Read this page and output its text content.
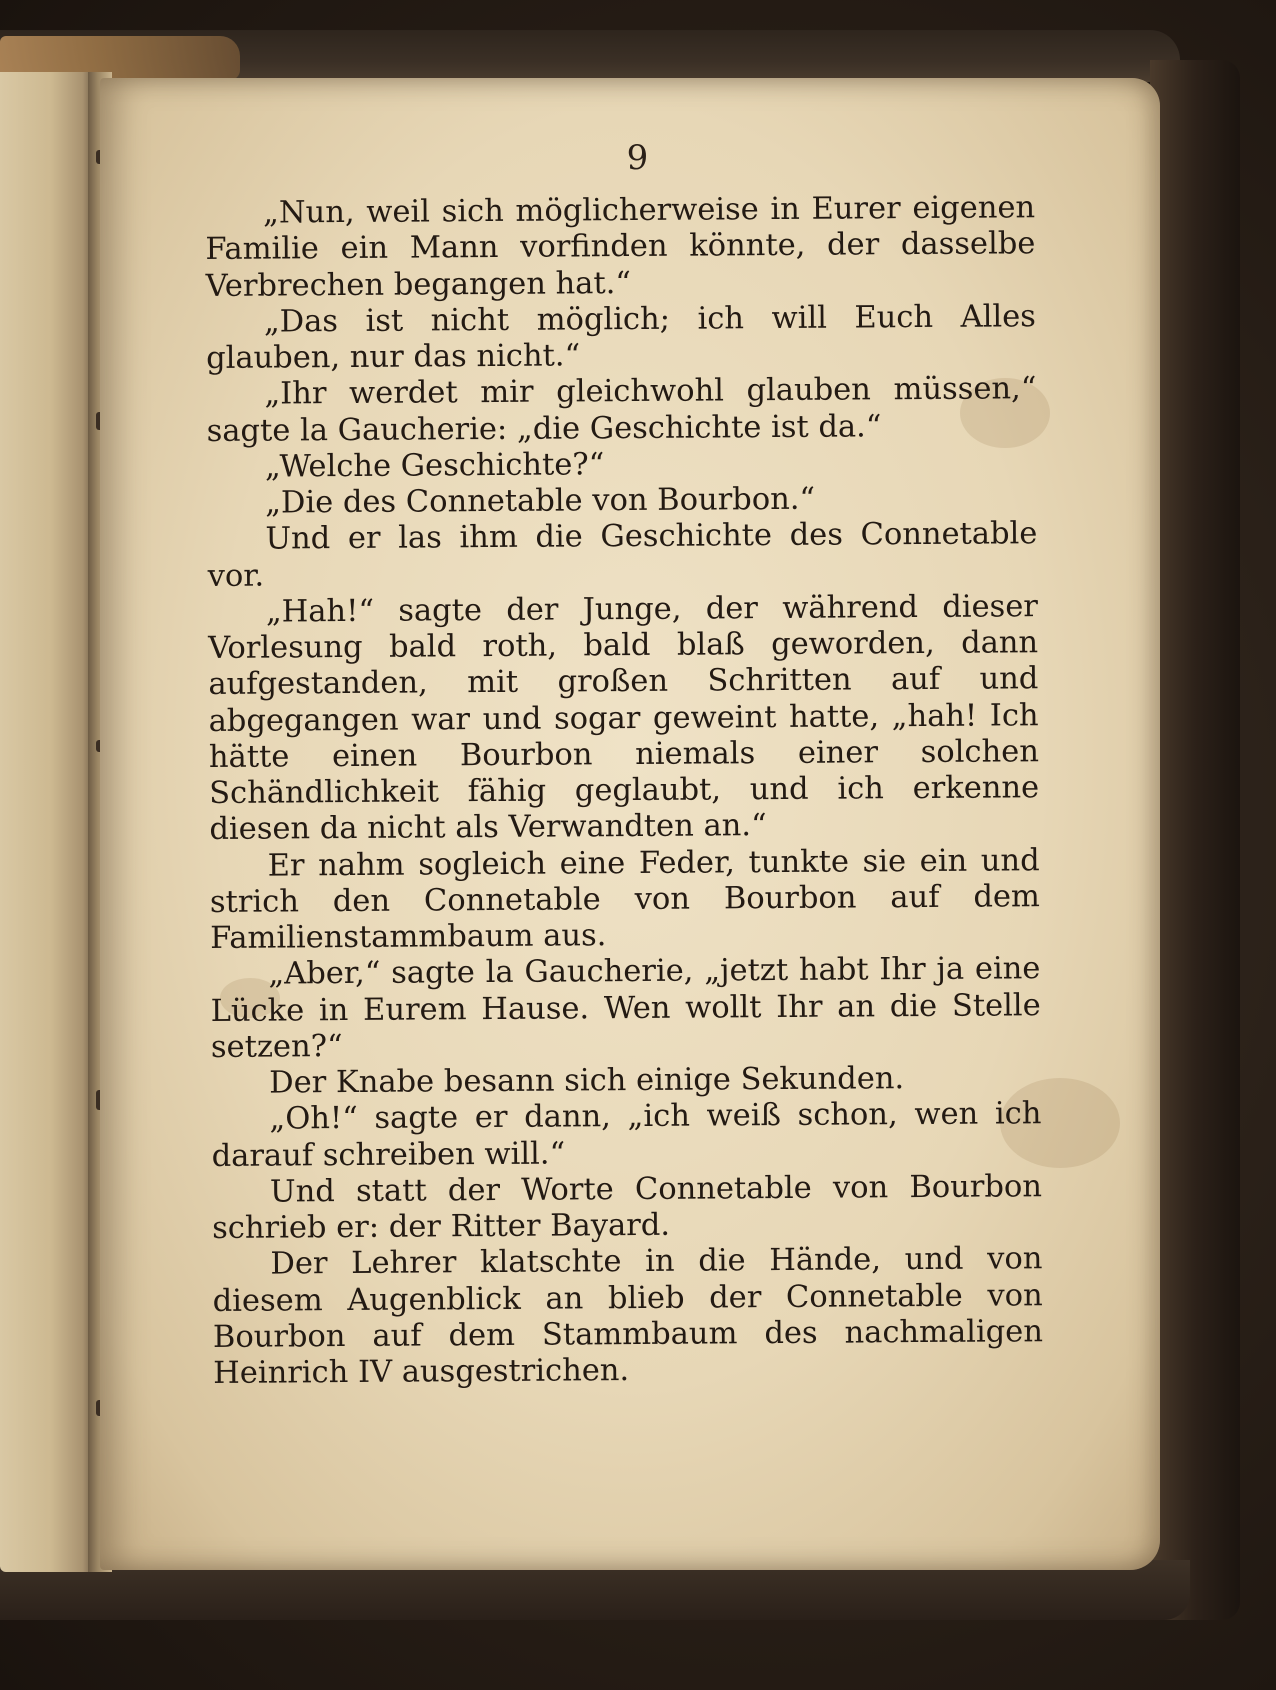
9

„Nun, weil sich möglicherweise in Eurer eigenen Familie ein Mann vorfinden könnte, der dasselbe Verbrechen begangen hat.“

„Das ist nicht möglich; ich will Euch Alles glauben, nur das nicht.“

„Ihr werdet mir gleichwohl glauben müssen,“ sagte la Gaucherie: „die Geschichte ist da.“

„Welche Geschichte?“

„Die des Connetable von Bourbon.“

Und er las ihm die Geschichte des Connetable vor.

„Hah!“ sagte der Junge, der während dieser Vorlesung bald roth, bald blaß geworden, dann aufgestanden, mit großen Schritten auf und abgegangen war und sogar geweint hatte, „hah! Ich hätte einen Bourbon niemals einer solchen Schändlichkeit fähig geglaubt, und ich erkenne diesen da nicht als Verwandten an.“

Er nahm sogleich eine Feder, tunkte sie ein und strich den Connetable von Bourbon auf dem Familienstammbaum aus.

„Aber,“ sagte la Gaucherie, „jetzt habt Ihr ja eine Lücke in Eurem Hause. Wen wollt Ihr an die Stelle setzen?“

Der Knabe besann sich einige Sekunden.

„Oh!“ sagte er dann, „ich weiß schon, wen ich darauf schreiben will.“

Und statt der Worte Connetable von Bourbon schrieb er: der Ritter Bayard.

Der Lehrer klatschte in die Hände, und von diesem Augenblick an blieb der Connetable von Bourbon auf dem Stammbaum des nachmaligen Heinrich IV ausgestrichen.
